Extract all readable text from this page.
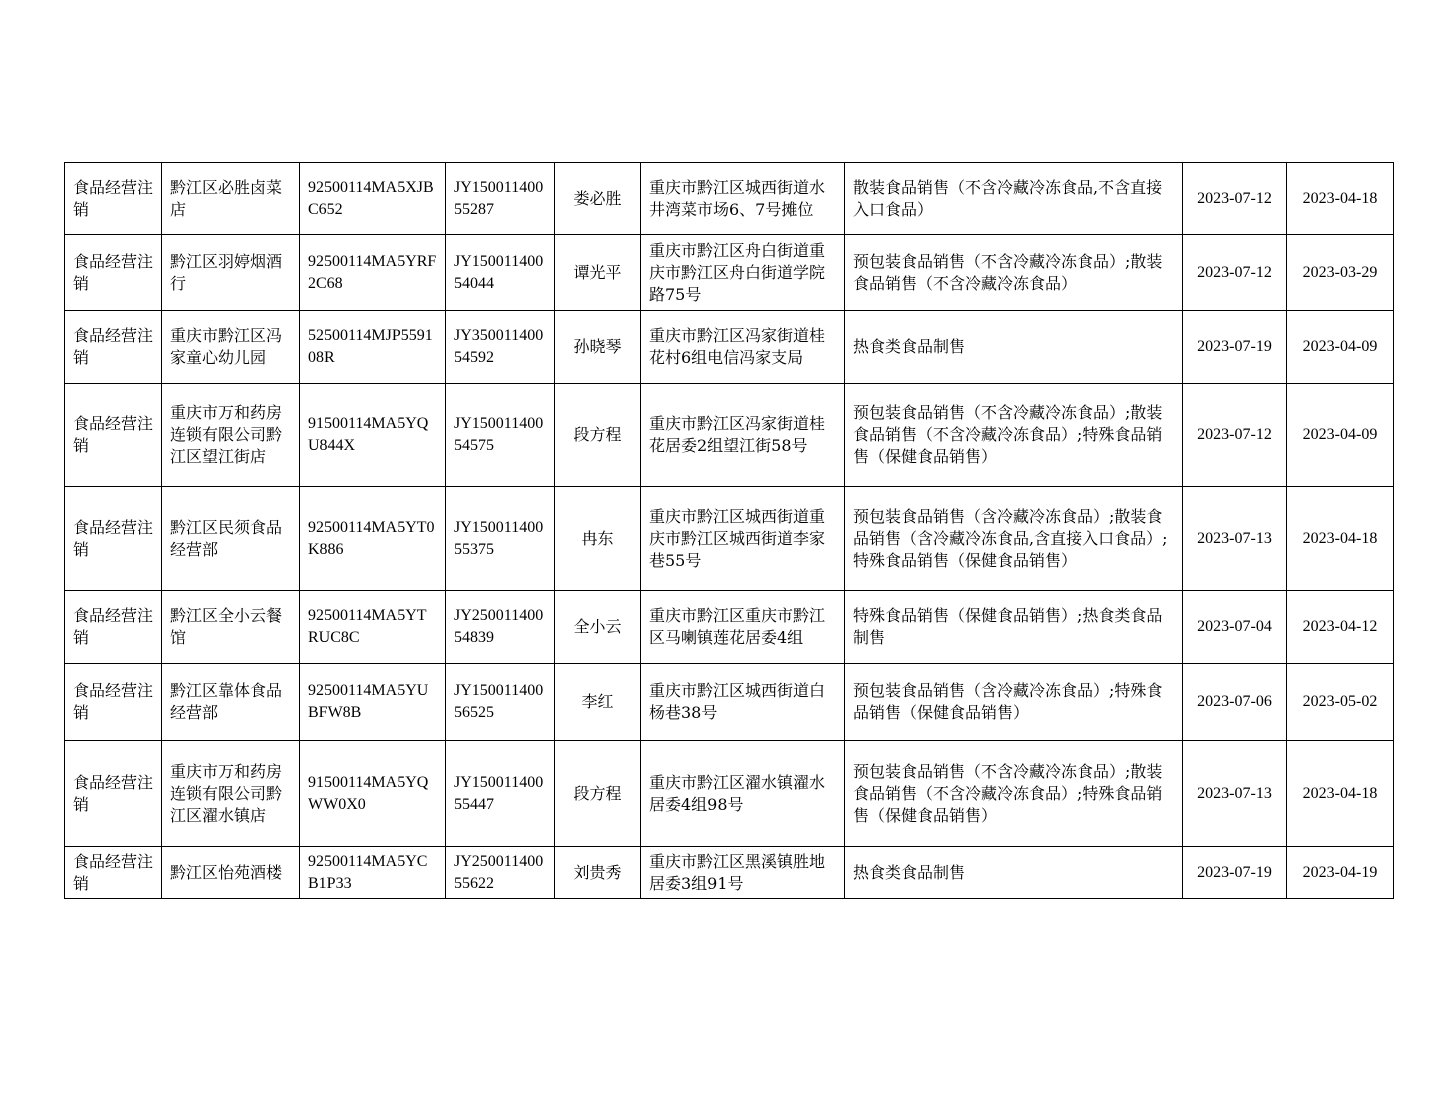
食品经营注销	黔江区必胜卤菜店	92500114MA5XJBC652	JY15001140055287	娄必胜	重庆市黔江区城西街道水井湾菜市场6、7号摊位	散装食品销售（不含冷藏冷冻食品,不含直接入口食品）	2023-07-12	2023-04-18
食品经营注销	黔江区羽婷烟酒行	92500114MA5YRF2C68	JY15001140054044	谭光平	重庆市黔江区舟白街道重庆市黔江区舟白街道学院路75号	预包装食品销售（不含冷藏冷冻食品）;散装食品销售（不含冷藏冷冻食品）	2023-07-12	2023-03-29
食品经营注销	重庆市黔江区冯家童心幼儿园	52500114MJP559108R	JY35001140054592	孙晓琴	重庆市黔江区冯家街道桂花村6组电信冯家支局	热食类食品制售	2023-07-19	2023-04-09
食品经营注销	重庆市万和药房连锁有限公司黔江区望江街店	91500114MA5YQU844X	JY15001140054575	段方程	重庆市黔江区冯家街道桂花居委2组望江街58号	预包装食品销售（不含冷藏冷冻食品）;散装食品销售（不含冷藏冷冻食品）;特殊食品销售（保健食品销售）	2023-07-12	2023-04-09
食品经营注销	黔江区民须食品经营部	92500114MA5YT0K886	JY15001140055375	冉东	重庆市黔江区城西街道重庆市黔江区城西街道李家巷55号	预包装食品销售（含冷藏冷冻食品）;散装食品销售（含冷藏冷冻食品,含直接入口食品）;特殊食品销售（保健食品销售）	2023-07-13	2023-04-18
食品经营注销	黔江区全小云餐馆	92500114MA5YTRUC8C	JY25001140054839	全小云	重庆市黔江区重庆市黔江区马喇镇莲花居委4组	特殊食品销售（保健食品销售）;热食类食品制售	2023-07-04	2023-04-12
食品经营注销	黔江区靠体食品经营部	92500114MA5YUBFW8B	JY15001140056525	李红	重庆市黔江区城西街道白杨巷38号	预包装食品销售（含冷藏冷冻食品）;特殊食品销售（保健食品销售）	2023-07-06	2023-05-02
食品经营注销	重庆市万和药房连锁有限公司黔江区濯水镇店	91500114MA5YQWW0X0	JY15001140055447	段方程	重庆市黔江区濯水镇濯水居委4组98号	预包装食品销售（不含冷藏冷冻食品）;散装食品销售（不含冷藏冷冻食品）;特殊食品销售（保健食品销售）	2023-07-13	2023-04-18
食品经营注销	黔江区怡苑酒楼	92500114MA5YCB1P33	JY25001140055622	刘贵秀	重庆市黔江区黑溪镇胜地居委3组91号	热食类食品制售	2023-07-19	2023-04-19
